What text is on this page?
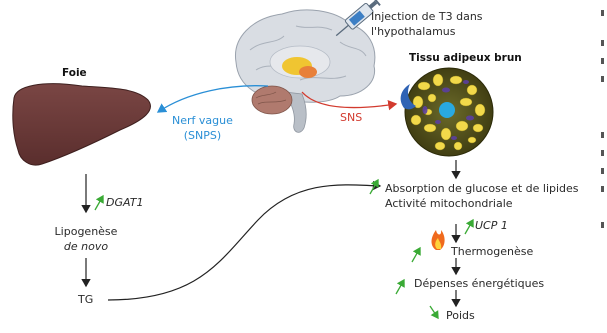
Injection de T3 dans
l'hypothalamus
Foie
Tissu adipeux brun
Nerf vague
(SNPS)
SNS
DGAT1
Lipogenèse
de novo
TG
Absorption de glucose et de lipides
Activité mitochondriale
UCP 1
Thermogenèse
Dépenses énergétiques
Poids
